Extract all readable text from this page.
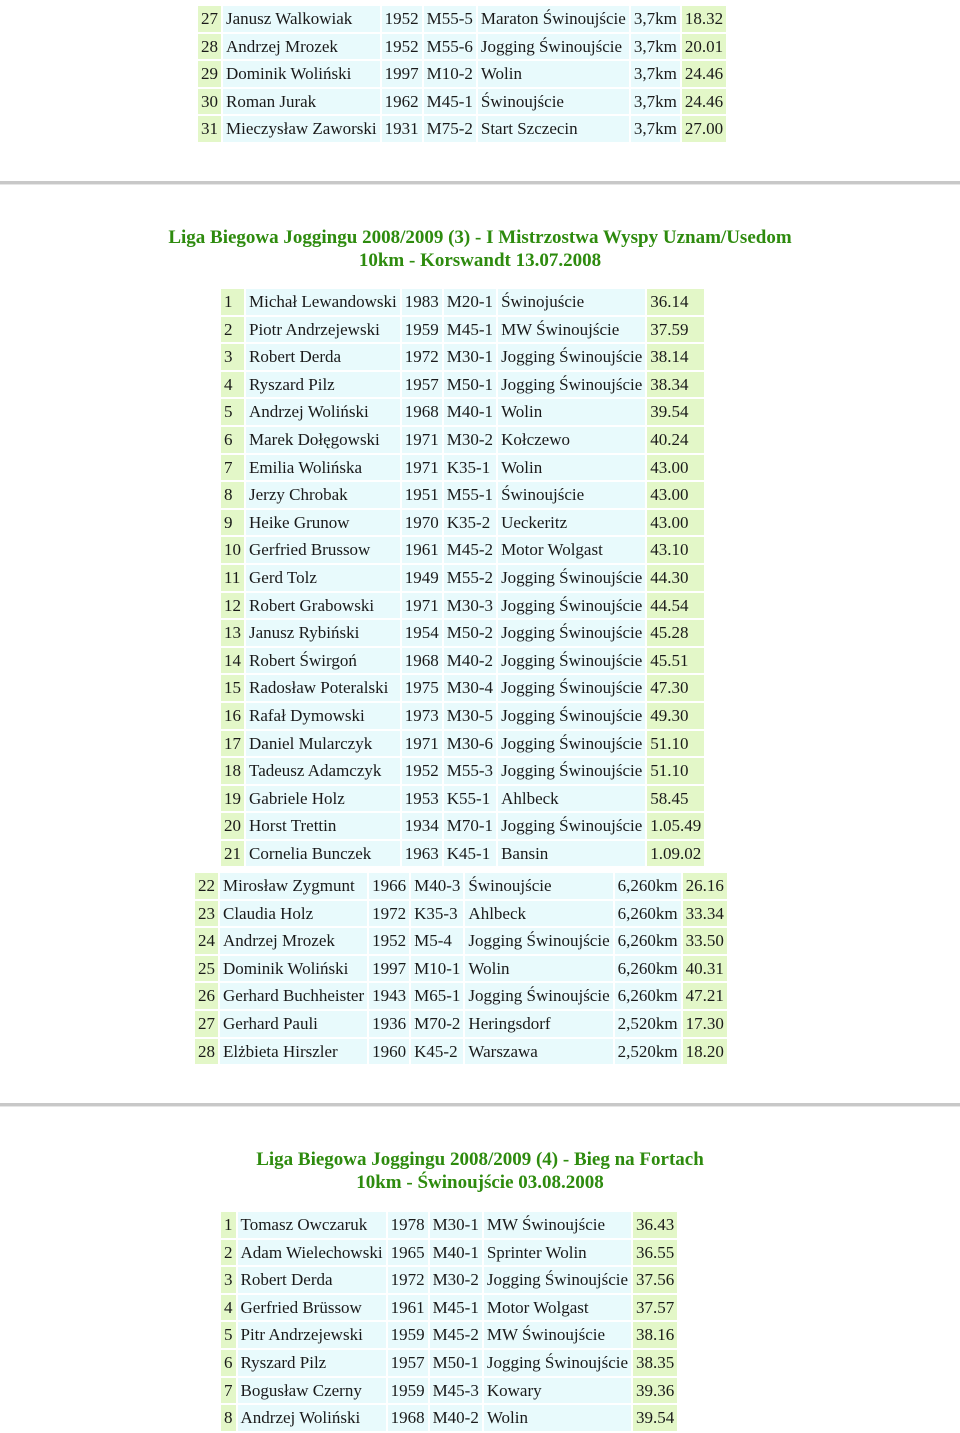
27	Janusz Walkowiak	1952	M55-5	Maraton Świnoujście	3,7km	18.32
28	Andrzej Mrozek	1952	M55-6	Jogging Świnoujście	3,7km	20.01
29	Dominik Woliński	1997	M10-2	Wolin	3,7km	24.46
30	Roman Jurak	1962	M45-1	Świnoujście	3,7km	24.46
31	Mieczysław Zaworski	1931	M75-2	Start Szczecin	3,7km	27.00
Liga Biegowa Joggingu 2008/2009 (3) - I Mistrzostwa Wyspy Uznam/Usedom
10km - Korswandt 13.07.2008
1	Michał Lewandowski	1983	M20-1	Świnojuście	36.14
2	Piotr Andrzejewski	1959	M45-1	MW Świnoujście	37.59
3	Robert Derda	1972	M30-1	Jogging Świnoujście	38.14
4	Ryszard Pilz	1957	M50-1	Jogging Świnoujście	38.34
5	Andrzej Woliński	1968	M40-1	Wolin	39.54
6	Marek Dołęgowski	1971	M30-2	Kołczewo	40.24
7	Emilia Wolińska	1971	K35-1	Wolin	43.00
8	Jerzy Chrobak	1951	M55-1	Świnoujście	43.00
9	Heike Grunow	1970	K35-2	Ueckeritz	43.00
10	Gerfried Brussow	1961	M45-2	Motor Wolgast	43.10
11	Gerd Tolz	1949	M55-2	Jogging Świnoujście	44.30
12	Robert Grabowski	1971	M30-3	Jogging Świnoujście	44.54
13	Janusz Rybiński	1954	M50-2	Jogging Świnoujście	45.28
14	Robert Świrgoń	1968	M40-2	Jogging Świnoujście	45.51
15	Radosław Poteralski	1975	M30-4	Jogging Świnoujście	47.30
16	Rafał Dymowski	1973	M30-5	Jogging Świnoujście	49.30
17	Daniel Mularczyk	1971	M30-6	Jogging Świnoujście	51.10
18	Tadeusz Adamczyk	1952	M55-3	Jogging Świnoujście	51.10
19	Gabriele Holz	1953	K55-1	Ahlbeck	58.45
20	Horst Trettin	1934	M70-1	Jogging Świnoujście	1.05.49
21	Cornelia Bunczek	1963	K45-1	Bansin	1.09.02
22	Mirosław Zygmunt	1966	M40-3	Świnoujście	6,260km	26.16
23	Claudia Holz	1972	K35-3	Ahlbeck	6,260km	33.34
24	Andrzej Mrozek	1952	M5-4	Jogging Świnoujście	6,260km	33.50
25	Dominik Woliński	1997	M10-1	Wolin	6,260km	40.31
26	Gerhard Buchheister	1943	M65-1	Jogging Świnoujście	6,260km	47.21
27	Gerhard Pauli	1936	M70-2	Heringsdorf	2,520km	17.30
28	Elżbieta Hirszler	1960	K45-2	Warszawa	2,520km	18.20
Liga Biegowa Joggingu 2008/2009 (4) - Bieg na Fortach
10km - Świnoujście 03.08.2008
1	Tomasz Owczaruk	1978	M30-1	MW Świnoujście	36.43
2	Adam Wielechowski	1965	M40-1	Sprinter Wolin	36.55
3	Robert Derda	1972	M30-2	Jogging Świnoujście	37.56
4	Gerfried Brüssow	1961	M45-1	Motor Wolgast	37.57
5	Pitr Andrzejewski	1959	M45-2	MW Świnoujście	38.16
6	Ryszard Pilz	1957	M50-1	Jogging Świnoujście	38.35
7	Bogusław Czerny	1959	M45-3	Kowary	39.36
8	Andrzej Woliński	1968	M40-2	Wolin	39.54
